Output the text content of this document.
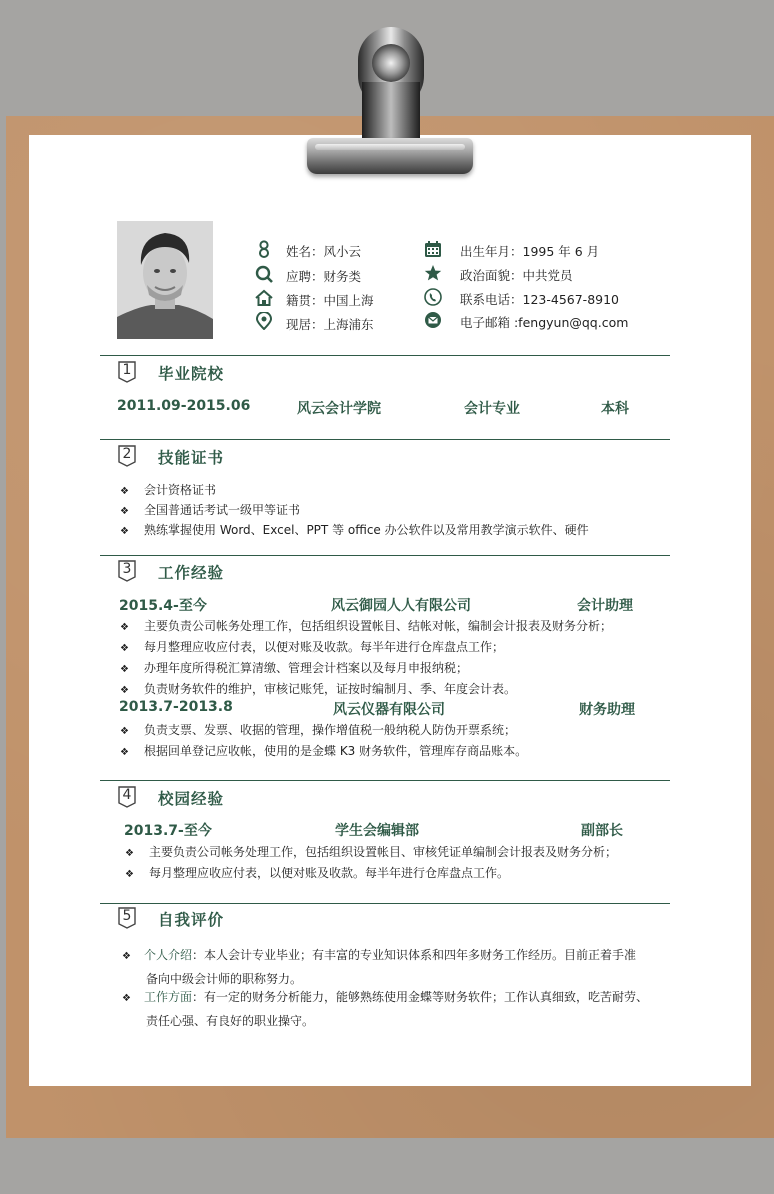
姓名：风小云
应聘：财务类
籍贯：中国上海
现居：上海浦东
出生年月：1995 年 6 月
政治面貌：中共党员
联系电话：123-4567-8910
电子邮箱 :fengyun@qq.com
1 毕业院校
2011.09-2015.06	风云会计学院	会计专业	本科
2 技能证书
❖ 会计资格证书
❖ 全国普通话考试一级甲等证书
❖ 熟练掌握使用 Word、Excel、PPT 等 office 办公软件以及常用教学演示软件、硬件
3 工作经验
2015.4-至今	风云御园人人有限公司	会计助理
❖ 主要负责公司帐务处理工作，包括组织设置帐目、结帐对帐，编制会计报表及财务分析；
❖ 每月整理应收应付表，以便对账及收款。每半年进行仓库盘点工作；
❖ 办理年度所得税汇算清缴、管理会计档案以及每月申报纳税；
❖ 负责财务软件的维护，审核记账凭，证按时编制月、季、年度会计表。
2013.7-2013.8	风云仪器有限公司	财务助理
❖ 负责支票、发票、收据的管理，操作增值税一般纳税人防伪开票系统；
❖ 根据回单登记应收帐，使用的是金蝶 K3 财务软件，管理库存商品账本。
4 校园经验
2013.7-至今	学生会编辑部	副部长
❖ 主要负责公司帐务处理工作，包括组织设置帐目、审核凭证单编制会计报表及财务分析；
❖ 每月整理应收应付表，以便对账及收款。每半年进行仓库盘点工作。
5 自我评价
❖ 个人介绍：本人会计专业毕业；有丰富的专业知识体系和四年多财务工作经历。目前正着手准
备向中级会计师的职称努力。
❖ 工作方面：有一定的财务分析能力，能够熟练使用金蝶等财务软件；工作认真细致，吃苦耐劳、
责任心强、有良好的职业操守。
